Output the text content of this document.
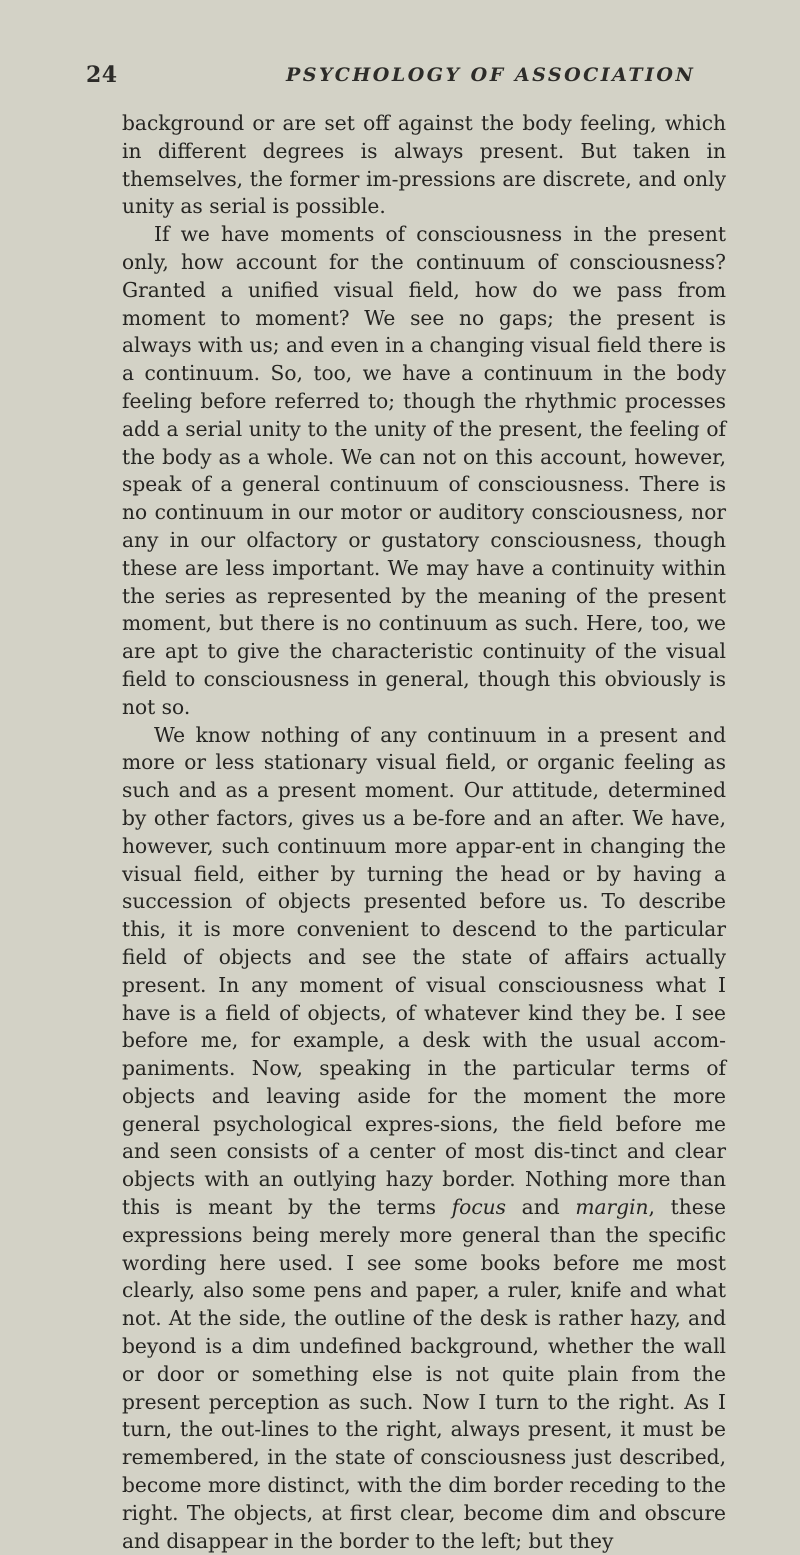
24	PSYCHOLOGY OF ASSOCIATION

background or are set off against the body feeling, which in different degrees is always present. But taken in themselves, the former im-pressions are discrete, and only unity as serial is possible.

If we have moments of consciousness in the present only, how account for the continuum of consciousness? Granted a unified visual field, how do we pass from moment to moment? We see no gaps; the present is always with us; and even in a changing visual field there is a continuum. So, too, we have a continuum in the body feeling before referred to; though the rhythmic processes add a serial unity to the unity of the present, the feeling of the body as a whole. We can not on this account, however, speak of a general continuum of consciousness. There is no continuum in our motor or auditory consciousness, nor any in our olfactory or gustatory consciousness, though these are less important. We may have a continuity within the series as represented by the meaning of the present moment, but there is no continuum as such. Here, too, we are apt to give the characteristic continuity of the visual field to consciousness in general, though this obviously is not so.

We know nothing of any continuum in a present and more or less stationary visual field, or organic feeling as such and as a present moment. Our attitude, determined by other factors, gives us a be-fore and an after. We have, however, such continuum more appar-ent in changing the visual field, either by turning the head or by having a succession of objects presented before us. To describe this, it is more convenient to descend to the particular field of objects and see the state of affairs actually present. In any moment of visual consciousness what I have is a field of objects, of whatever kind they be. I see before me, for example, a desk with the usual accom-paniments. Now, speaking in the particular terms of objects and leaving aside for the moment the more general psychological expres-sions, the field before me and seen consists of a center of most dis-tinct and clear objects with an outlying hazy border. Nothing more than this is meant by the terms focus and margin, these expressions being merely more general than the specific wording here used. I see some books before me most clearly, also some pens and paper, a ruler, knife and what not. At the side, the outline of the desk is rather hazy, and beyond is a dim undefined background, whether the wall or door or something else is not quite plain from the present perception as such. Now I turn to the right. As I turn, the out-lines to the right, always present, it must be remembered, in the state of consciousness just described, become more distinct, with the dim border receding to the right. The objects, at first clear, become dim and obscure and disappear in the border to the left; but they
